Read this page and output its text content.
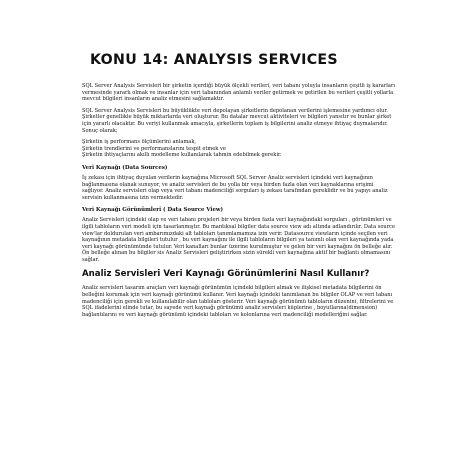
KONU 14: ANALYSIS SERVICES
SQL Server Analysis Servisleri bir şirketin içerdiği büyük ölçekli verileri, veri tabanı yoluyla insanların çeşitli iş kararları vermesinde yararlı olmak ve insanlar için veri tabanından anlamlı veriler getirmek ve getirilen bu verileri çeşitli yollarla mevcut bilgileri insanların analiz etmesini sağlamaktır.
SQL Server Analysis Servisleri bu büyüklükte veri depolayan şirketlerin depolanan verilerini işlemesine yardımcı olur. Şirketler genellikle büyük miktarlarda veri oluşturur. Bu datalar mevcut aktiviteleri ve bilgileri yansıtır ve bunlar şirket için yararlı olacaktır. Bu veriyi kullanmak amacıyla, şirketlerin toplam iş bilgilerini analiz etmeye ihtiyaç duymalarıdır. Sonuç olarak;
Şirketin iş performans ölçümlerini anlamak,
Şirketin trendlerini ve performanslarını tespit etmek ve
Şirketin ihtiyaçlarını akıllı modelleme kullanılarak tahmin edebilmek gerekir.
Veri Kaynağı (Data Sources)
İş zekası için ihtiyaç duyulan verilerin kaynağına Microsoft SQL Server Analiz servisleri içindeki veri kaynağının bağlanmasına olanak sunuyor, ve analiz servisleri de bu yolla bir veya birden fazla olan veri kaynaklarına erişimi sağlıyor. Analiz servisleri olap veya veri tabanı madenciliği sorguları iş zekası tarafından gereklidir ve bu yapıyı analiz servisin kullanmasına izin vermektedir.
Veri Kaynağı Görünümleri ( Data Source View)
Analiz Servisleri içindeki olap ve veri tabanı projeleri bir veya birden fazla veri kaynağındaki sorguları , görünümleri ve ilgili tabloların veri modeli için tasarlanmıştır. Bu mantıksal bilgiler data source view adı altında adlandırılır. Data source view'lar doldurulan veri ambarımızdaki alt tabloları tanımlamamıza izin verir. Datasource viewların içinde seçilen veri kaynağının metadata bilgileri tutulur , bu veri kaynağını ile ilgili tabloların bilgileri ya tanımlı olan veri kaynağında yada veri kaynağı görünümünde tutulur. Veri kanalları bunlar üzerine kurulmuştur ve gelen bir veri kaynağını ön belleğe alır. Ön belleğe alınan bu bilgiler sis Analiz Servisleri geliştirirken sizin sürekli veri kaynağına aktif bir bağlantı olmamasını sağlar.
Analiz Servisleri Veri Kaynağı Görünümlerini Nasıl Kullanır?
Analiz servisleri tasarım araçları veri kaynağı görünümün içindeki bilgileri almak ve ilişkisel metadata bilgilerini ön belleğini korumak için veri kaynağı görünümü kullanır. Veri kaynağı içindeki tanımlanan bu bilgiler OLAP ve veri tabanı madenciliği için gerekli ve kullanılabilir olan tabloları gösterir. Veri kaynağı görünümü tabloların düzenini, filtrelerini ve SQL ifadelerini elinde tutar, bu sayede veri kaynağı görünümü analiz servisleri küplerine , boyutlarına(dimension) bağlantılarını ve veri kaynağı görünümü içindeki tabloları ve kolonlarına veri madenciliği modelleriğini sağlar.
